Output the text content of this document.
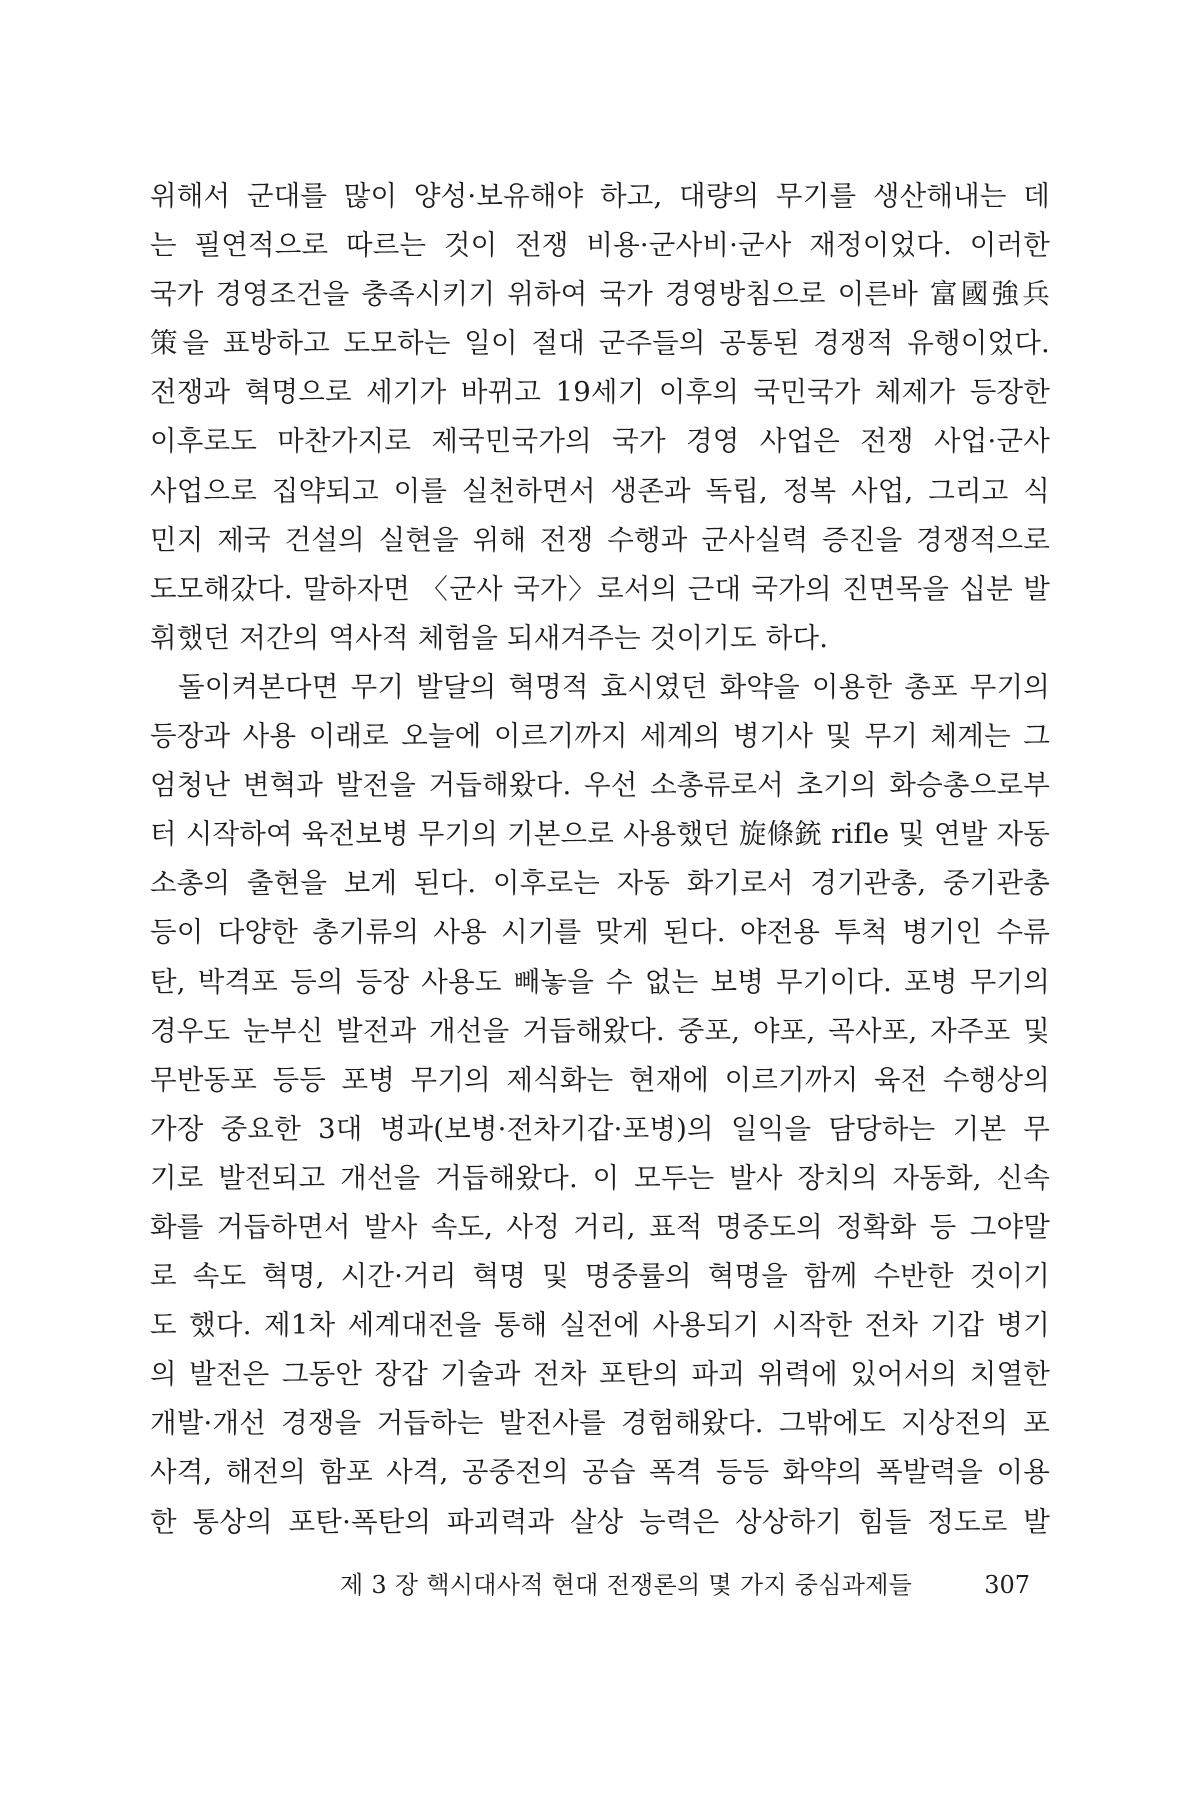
위해서 군대를 많이 양성·보유해야 하고, 대량의 무기를 생산해내는 데
는 필연적으로 따르는 것이 전쟁 비용·군사비·군사 재정이었다. 이러한
국가 경영조건을 충족시키기 위하여 국가 경영방침으로 이른바 富國強兵
策을 표방하고 도모하는 일이 절대 군주들의 공통된 경쟁적 유행이었다.
전쟁과 혁명으로 세기가 바뀌고 19세기 이후의 국민국가 체제가 등장한
이후로도 마찬가지로 제국민국가의 국가 경영 사업은 전쟁 사업·군사
사업으로 집약되고 이를 실천하면서 생존과 독립, 정복 사업, 그리고 식
민지 제국 건설의 실현을 위해 전쟁 수행과 군사실력 증진을 경쟁적으로
도모해갔다. 말하자면 〈군사 국가〉로서의 근대 국가의 진면목을 십분 발
휘했던 저간의 역사적 체험을 되새겨주는 것이기도 하다.
돌이켜본다면 무기 발달의 혁명적 효시였던 화약을 이용한 총포 무기의
등장과 사용 이래로 오늘에 이르기까지 세계의 병기사 및 무기 체계는 그
엄청난 변혁과 발전을 거듭해왔다. 우선 소총류로서 초기의 화승총으로부
터 시작하여 육전보병 무기의 기본으로 사용했던 旋條銃 rifle 및 연발 자동
소총의 출현을 보게 된다. 이후로는 자동 화기로서 경기관총, 중기관총
등이 다양한 총기류의 사용 시기를 맞게 된다. 야전용 투척 병기인 수류
탄, 박격포 등의 등장 사용도 빼놓을 수 없는 보병 무기이다. 포병 무기의
경우도 눈부신 발전과 개선을 거듭해왔다. 중포, 야포, 곡사포, 자주포 및
무반동포 등등 포병 무기의 제식화는 현재에 이르기까지 육전 수행상의
가장 중요한 3대 병과(보병·전차기갑·포병)의 일익을 담당하는 기본 무
기로 발전되고 개선을 거듭해왔다. 이 모두는 발사 장치의 자동화, 신속
화를 거듭하면서 발사 속도, 사정 거리, 표적 명중도의 정확화 등 그야말
로 속도 혁명, 시간·거리 혁명 및 명중률의 혁명을 함께 수반한 것이기
도 했다. 제1차 세계대전을 통해 실전에 사용되기 시작한 전차 기갑 병기
의 발전은 그동안 장갑 기술과 전차 포탄의 파괴 위력에 있어서의 치열한
개발·개선 경쟁을 거듭하는 발전사를 경험해왔다. 그밖에도 지상전의 포
사격, 해전의 함포 사격, 공중전의 공습 폭격 등등 화약의 폭발력을 이용
한 통상의 포탄·폭탄의 파괴력과 살상 능력은 상상하기 힘들 정도로 발
제 3 장 핵시대사적 현대 전쟁론의 몇 가지 중심과제들	307
